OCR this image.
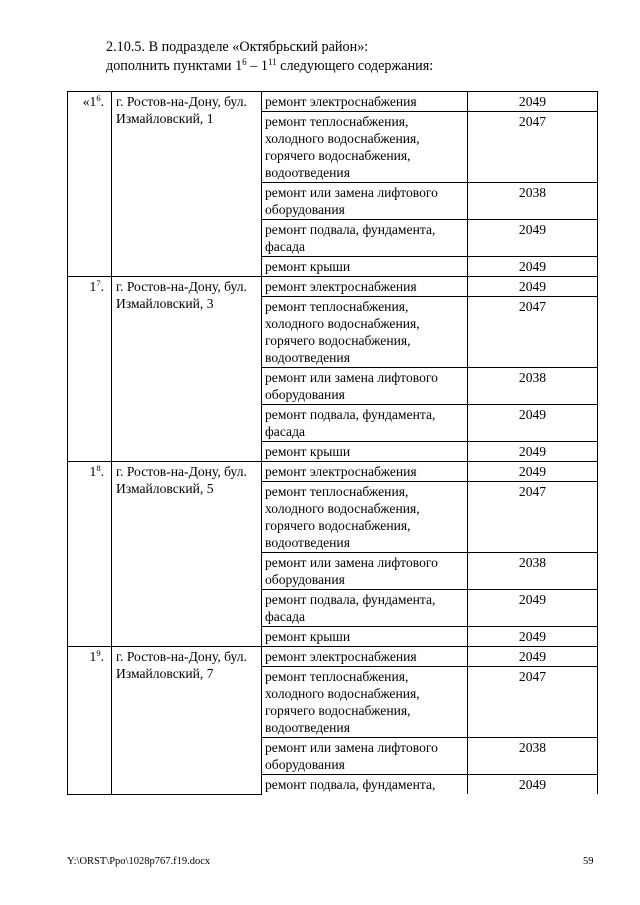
2.10.5. В подразделе «Октябрьский район»:
дополнить пунктами $1^6 - 1^{11}$ следующего содержания:
«$1^6$.	г. Ростов-на-Дону, бул. Измайловский, 1	ремонт электроснабжения	2049
		ремонт теплоснабжения, холодного водоснабжения, горячего водоснабжения, водоотведения	2047
		ремонт или замена лифтового оборудования	2038
		ремонт подвала, фундамента, фасада	2049
		ремонт крыши	2049
$1^7$.	г. Ростов-на-Дону, бул. Измайловский, 3	ремонт электроснабжения	2049
		ремонт теплоснабжения, холодного водоснабжения, горячего водоснабжения, водоотведения	2047
		ремонт или замена лифтового оборудования	2038
		ремонт подвала, фундамента, фасада	2049
		ремонт крыши	2049
$1^8$.	г. Ростов-на-Дону, бул. Измайловский, 5	ремонт электроснабжения	2049
		ремонт теплоснабжения, холодного водоснабжения, горячего водоснабжения, водоотведения	2047
		ремонт или замена лифтового оборудования	2038
		ремонт подвала, фундамента, фасада	2049
		ремонт крыши	2049
$1^9$.	г. Ростов-на-Дону, бул. Измайловский, 7	ремонт электроснабжения	2049
		ремонт теплоснабжения, холодного водоснабжения, горячего водоснабжения, водоотведения	2047
		ремонт или замена лифтового оборудования	2038
		ремонт подвала, фундамента,	2049
Y:\ORST\Ppo\1028p767.f19.docx	59
